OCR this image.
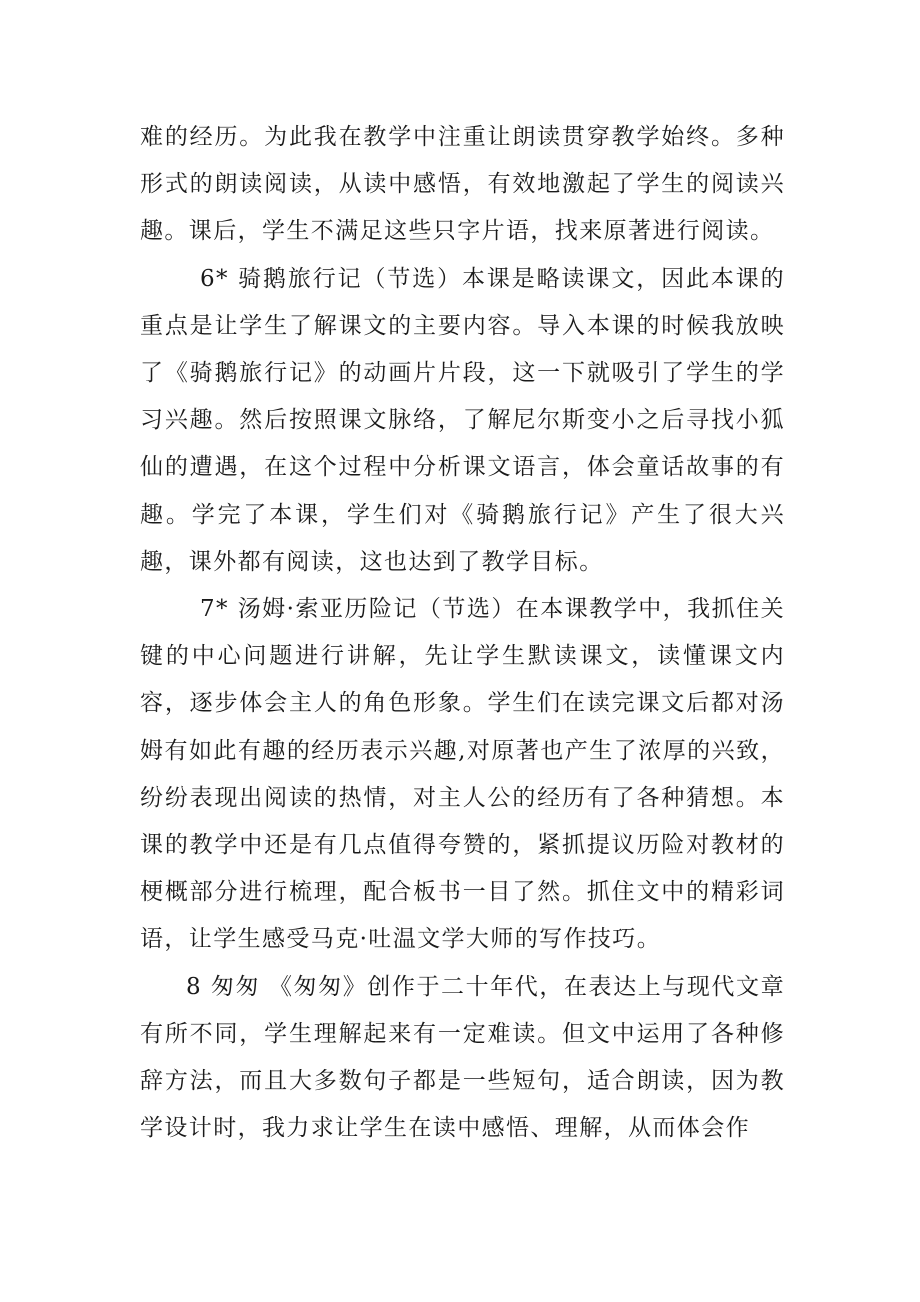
难的经历。为此我在教学中注重让朗读贯穿教学始终。多种形式的朗读阅读，从读中感悟，有效地激起了学生的阅读兴趣。课后，学生不满足这些只字片语，找来原著进行阅读。

6* 骑鹅旅行记（节选）本课是略读课文，因此本课的重点是让学生了解课文的主要内容。导入本课的时候我放映了《骑鹅旅行记》的动画片片段，这一下就吸引了学生的学习兴趣。然后按照课文脉络，了解尼尔斯变小之后寻找小狐仙的遭遇，在这个过程中分析课文语言，体会童话故事的有趣。学完了本课，学生们对《骑鹅旅行记》产生了很大兴趣，课外都有阅读，这也达到了教学目标。

7* 汤姆·索亚历险记（节选）在本课教学中，我抓住关键的中心问题进行讲解，先让学生默读课文，读懂课文内容，逐步体会主人的角色形象。学生们在读完课文后都对汤姆有如此有趣的经历表示兴趣,对原著也产生了浓厚的兴致，纷纷表现出阅读的热情，对主人公的经历有了各种猜想。本课的教学中还是有几点值得夸赞的，紧抓提议历险对教材的梗概部分进行梳理，配合板书一目了然。抓住文中的精彩词语，让学生感受马克·吐温文学大师的写作技巧。

8 匆匆 《匆匆》创作于二十年代，在表达上与现代文章有所不同，学生理解起来有一定难读。但文中运用了各种修辞方法，而且大多数句子都是一些短句，适合朗读，因为教学设计时，我力求让学生在读中感悟、理解，从而体会作
